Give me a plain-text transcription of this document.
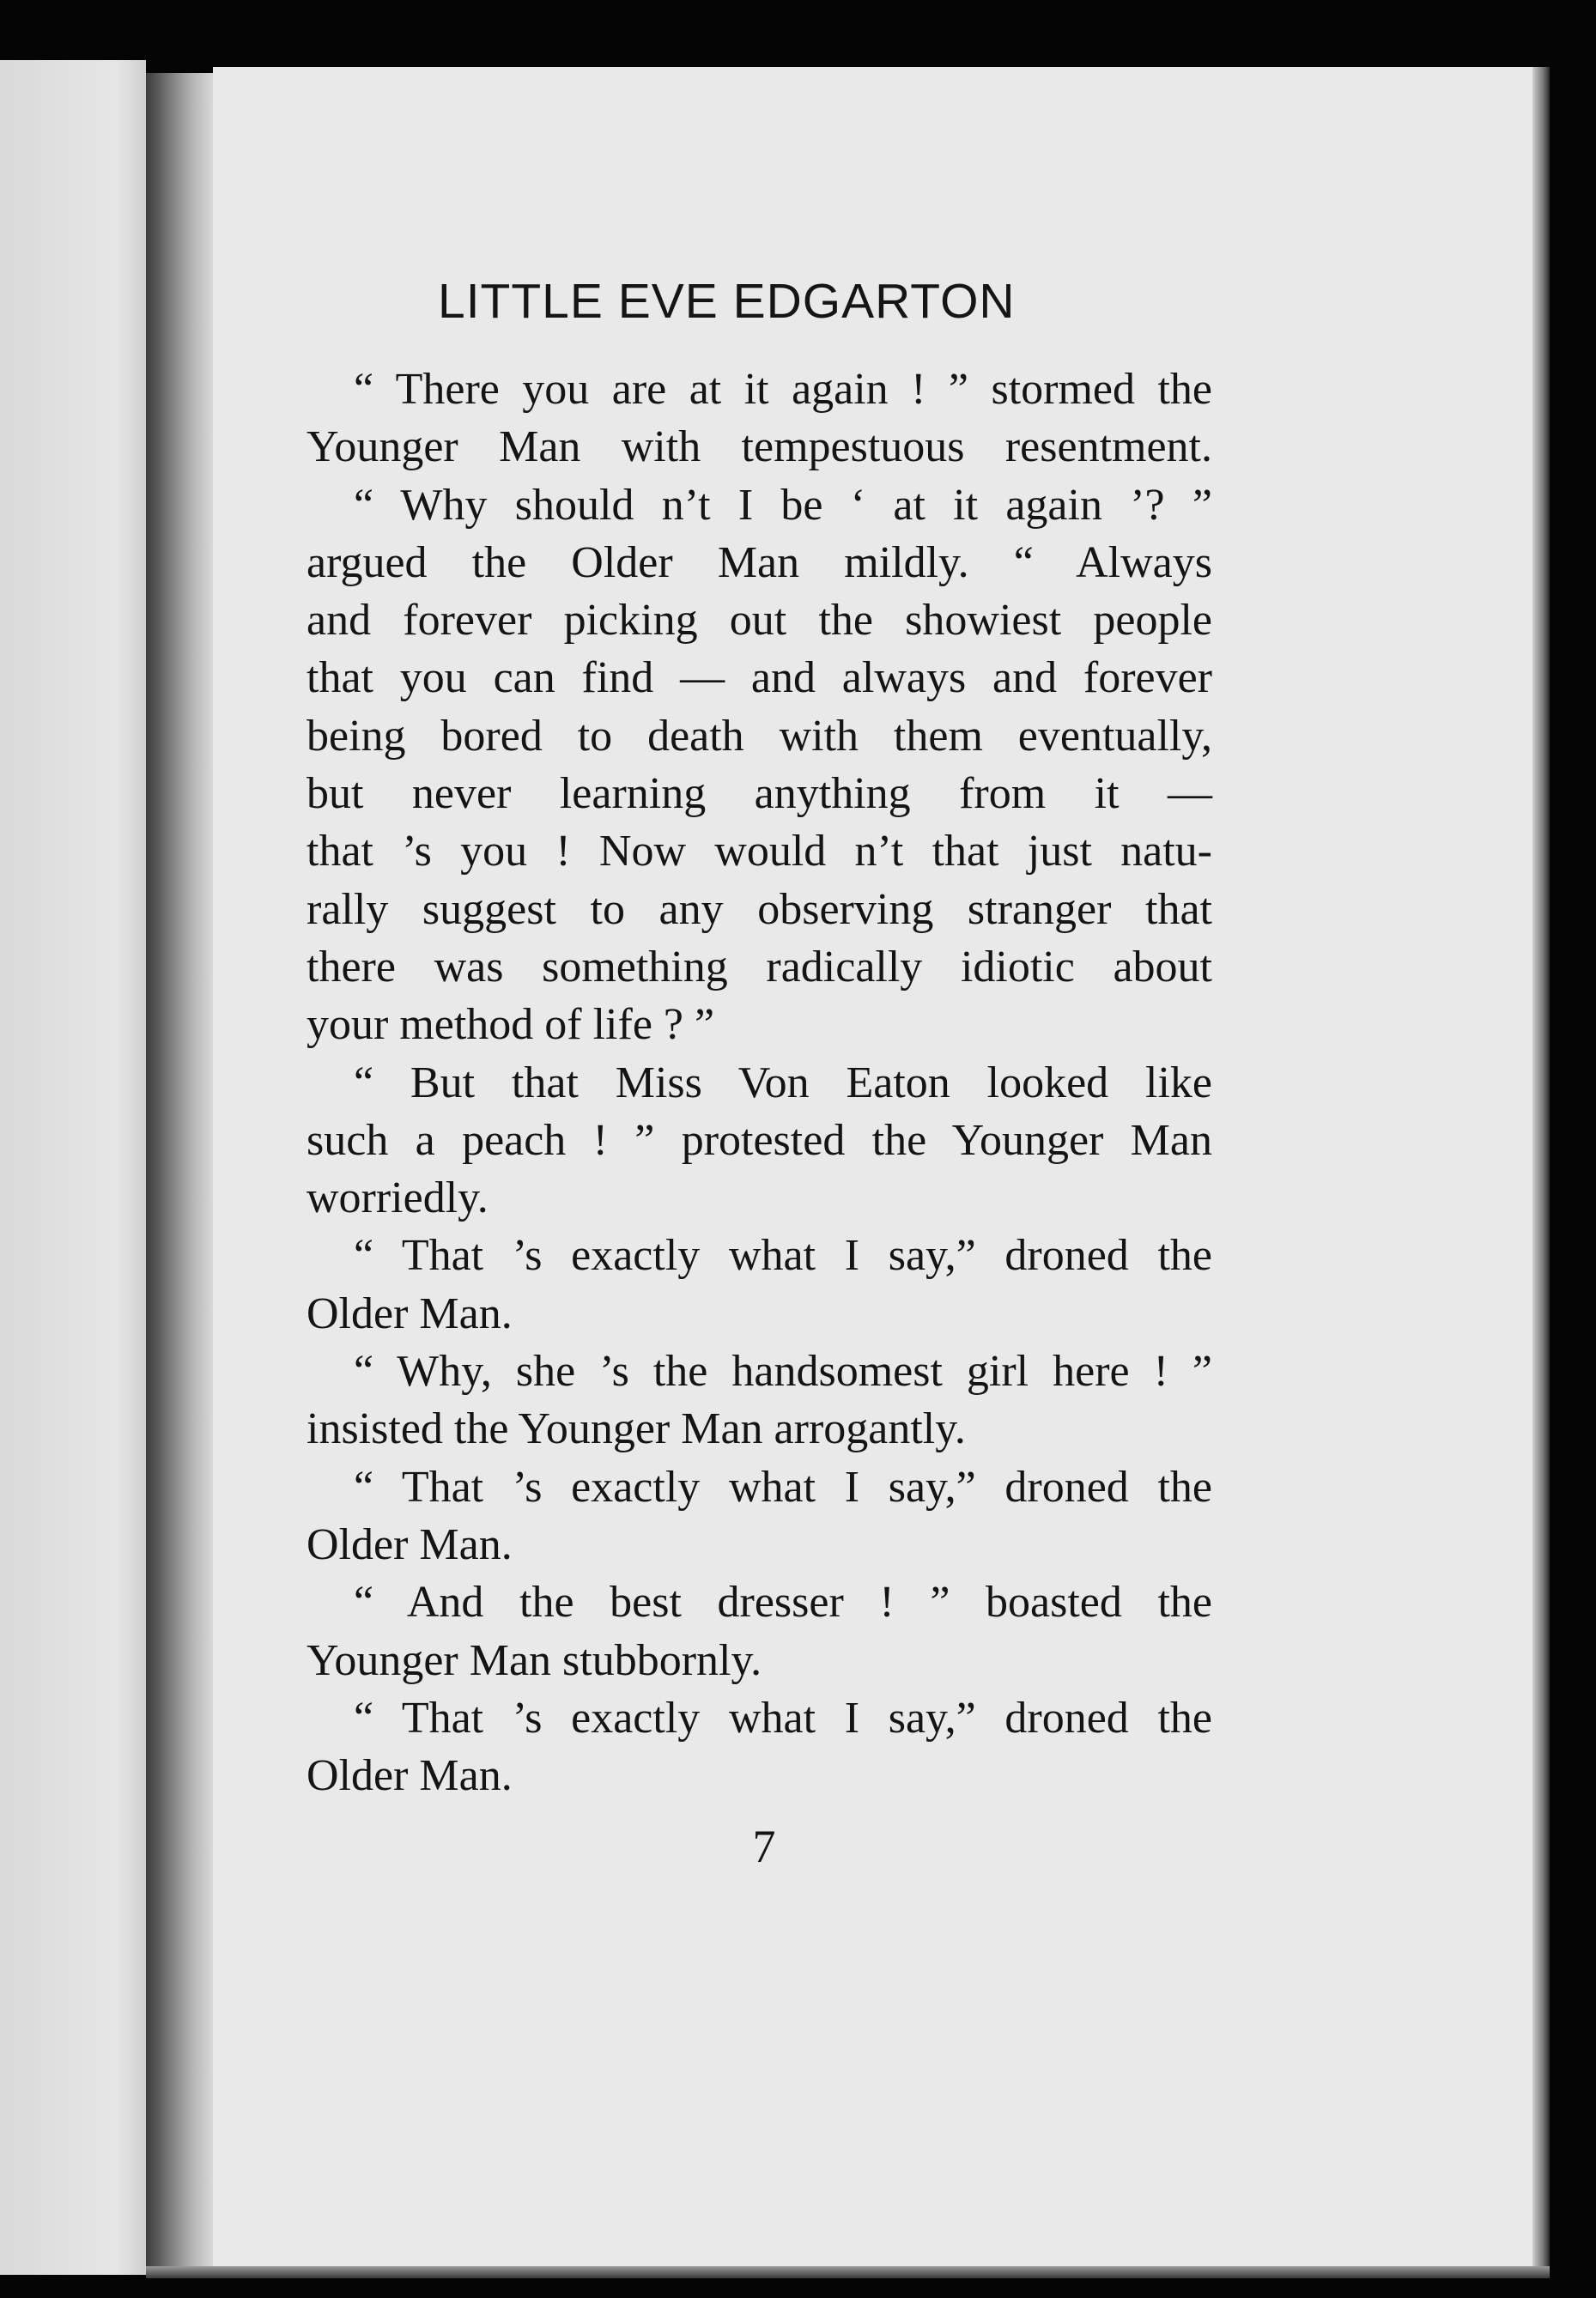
LITTLE EVE EDGARTON
“ There you are at it again ! ” stormed the
Younger Man with tempestuous resentment.
“ Why should n’t I be ‘ at it again ’? ”
argued the Older Man mildly. “ Always
and forever picking out the showiest people
that you can find — and always and forever
being bored to death with them eventually,
but never learning anything from it —
that ’s you ! Now would n’t that just natu-
rally suggest to any observing stranger that
there was something radically idiotic about
your method of life ? ”
“ But that Miss Von Eaton looked like
such a peach ! ” protested the Younger Man
worriedly.
“ That ’s exactly what I say,” droned the
Older Man.
“ Why, she ’s the handsomest girl here ! ”
insisted the Younger Man arrogantly.
“ That ’s exactly what I say,” droned the
Older Man.
“ And the best dresser ! ” boasted the
Younger Man stubbornly.
“ That ’s exactly what I say,” droned the
Older Man.
7
